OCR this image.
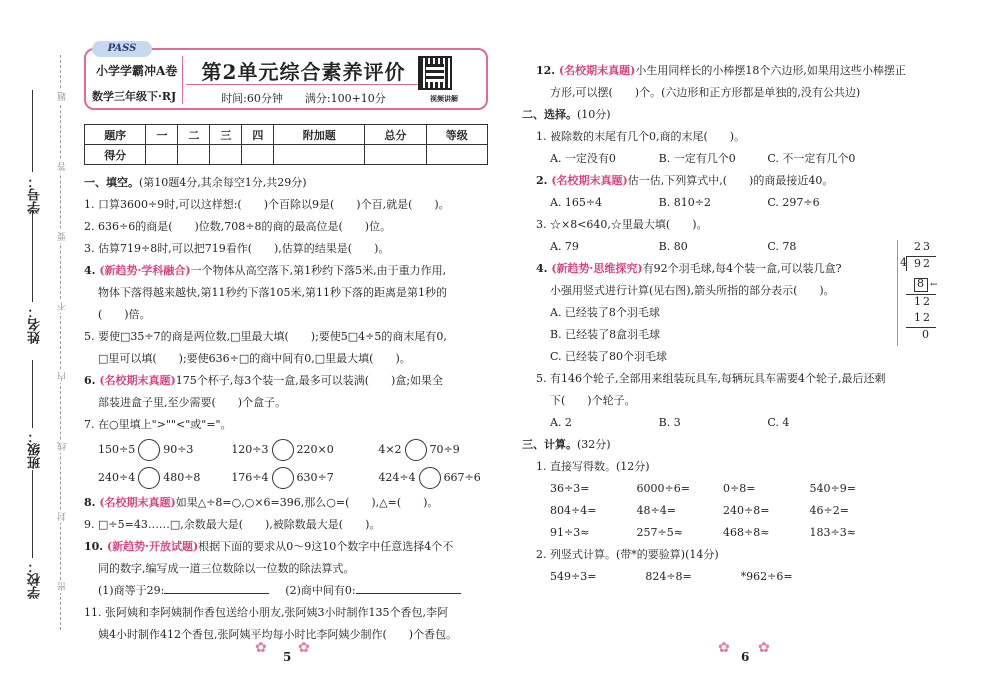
学校：
班级：
姓名：
学号：
题
答
要
不
内
线
封
密
PASS
小学学霸冲A卷
数学三年级下·RJ
第2单元综合素养评价
时间:60分钟　　满分:100+10分	视频讲解
题序	一	二	三	四	附加题	总分	等级
得分							
一、填空。(第10题4分,其余每空1分,共29分)
1. 口算3600÷9时,可以这样想:(　　)个百除以9是(　　)个百,就是(　　)。
2. 636÷6的商是(　　)位数,708÷8的商的最高位是(　　)位。
3. 估算719÷8时,可以把719看作(　　),估算的结果是(　　)。
4. (新趋势·学科融合)一个物体从高空落下,第1秒约下落5米,由于重力作用,
物体下落得越来越快,第11秒约下落105米,第11秒下落的距离是第1秒的
(　　)倍。
5. 要使□35÷7的商是两位数,□里最大填(　　);要使5□4÷5的商末尾有0,
□里可以填(　　);要使636÷□的商中间有0,□里最大填(　　)。
6. (名校期末真题)175个杯子,每3个装一盒,最多可以装满(　　)盒;如果全
部装进盒子里,至少需要(　　)个盒子。
7. 在○里填上">""<"或"="。
150÷5	90÷3	120÷3	220×0	4×2	70÷9
240÷4	480÷8	176÷4	630÷7	424÷4	667÷6
8. (名校期末真题)如果△÷8=○,○×6=396,那么○=(　　),△=(　　)。
9. □÷5=43……□,余数最大是(　　),被除数最大是(　　)。
10. (新趋势·开放试题)根据下面的要求从0～9这10个数字中任意选择4个不
同的数字,编写成一道三位数除以一位数的除法算式。
(1)商等于29:	(2)商中间有0:
11. 张阿姨和李阿姨制作香包送给小朋友,张阿姨3小时制作135个香包,李阿
姨4小时制作412个香包,张阿姨平均每小时比李阿姨少制作(　　)个香包。
✿
5
✿
12. (名校期末真题)小生用同样长的小棒摆18个六边形,如果用这些小棒摆正
方形,可以摆(　　)个。(六边形和正方形都是单独的,没有公共边)
二、选择。(10分)
1. 被除数的末尾有几个0,商的末尾(　　)。
A. 一定没有0	B. 一定有几个0	C. 不一定有几个0
2. (名校期末真题)估一估,下列算式中,(　　)的商最接近40。
A. 165÷4	B. 810÷2	C. 297÷6
3. ☆×8<640,☆里最大填(　　)。
A. 79	B. 80	C. 78
4. (新趋势·思维探究)有92个羽毛球,每4个装一盒,可以装几盒?
小强用竖式进行计算(见右图),箭头所指的部分表示(　　)。
A. 已经装了8个羽毛球
B. 已经装了8盒羽毛球
C. 已经装了80个羽毛球
5. 有146个轮子,全部用来组装玩具车,每辆玩具车需要4个轮子,最后还剩
下(　　)个轮子。
A. 2	B. 3	C. 4
三、计算。(32分)
1. 直接写得数。(12分)
36÷3=	6000÷6=	0÷8=	540÷9=
804÷4=	48÷4=	240÷8=	46÷2=
91÷3≈	257÷5≈	468÷8≈	183÷3≈
2. 列竖式计算。(带*的要验算)(14分)
549÷3=	824÷8=	*962÷6=
23
4 92
8 ←
12
12
0
✿
6
✿
